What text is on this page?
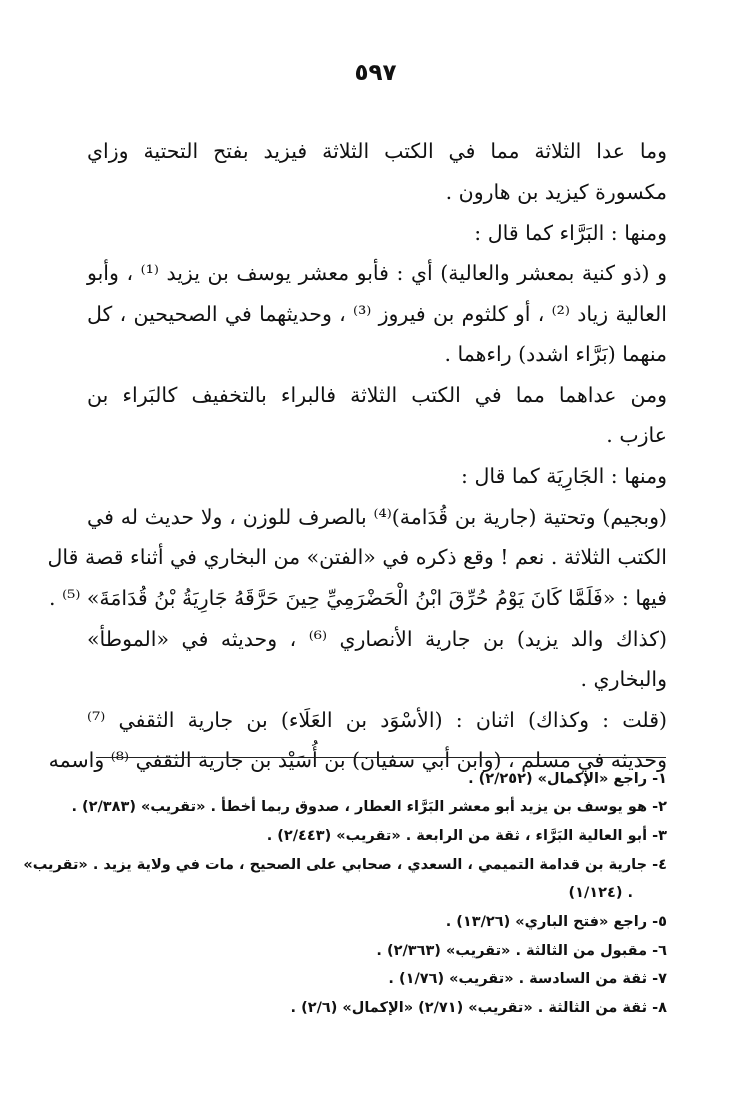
٥٩٧
وما عدا الثلاثة مما في الكتب الثلاثة فيزيد بفتح التحتية وزاي
مكسورة كيزيد بن هارون .
ومنها : البَرَّاء كما قال :
و (ذو كنية بمعشر والعالية) أي : فأبو معشر يوسف بن يزيد ⁽¹⁾ ، وأبو
العالية زياد ⁽²⁾ ، أو كلثوم بن فيروز ⁽³⁾ ، وحديثهما في الصحيحين ، كل
منهما (بَرَّاء اشدد) راءهما .
ومن عداهما مما في الكتب الثلاثة فالبراء بالتخفيف كالبَراء بن
عازب .
ومنها : الجَارِيَة كما قال :
(وبجيم) وتحتية (جارية بن قُدَامة)⁽⁴⁾ بالصرف للوزن ، ولا حديث له في
الكتب الثلاثة . نعم ! وقع ذكره في «الفتن» من البخاري في أثناء قصة قال
فيها : «فَلَمَّا كَانَ يَوْمُ حُرِّقَ ابْنُ الْحَضْرَمِيِّ حِينَ حَرَّقَهُ جَارِيَةُ بْنُ قُدَامَةَ» ⁽⁵⁾ .
(كذاك والد يزيد) بن جارية الأنصاري ⁽⁶⁾ ، وحديثه في «الموطأ»
والبخاري .
(قلت : وكذاك) اثنان : (الأسْوَد بن العَلَاء) بن جارية الثقفي ⁽⁷⁾
وحديثه في مسلم ، (وابن أبي سفيان) بن أُسَيْد بن جارية الثقفي ⁽⁸⁾ واسمه
١- راجع «الإكمال» (٢/٢٥٢) .
٢- هو يوسف بن يزيد أبو معشر البَرَّاء العطار ، صدوق ربما أخطأ . «تقريب» (٢/٣٨٣) .
٣- أبو العالية البَرَّاء ، ثقة من الرابعة . «تقريب» (٢/٤٤٣) .
٤- جارية بن قدامة التميمي ، السعدي ، صحابي على الصحيح ، مات في ولاية يزيد . «تقريب»
(١/١٢٤) .
٥- راجع «فتح الباري» (١٣/٢٦) .
٦- مقبول من الثالثة . «تقريب» (٢/٣٦٣) .
٧- ثقة من السادسة . «تقريب» (١/٧٦) .
٨- ثقة من الثالثة . «تقريب» (٢/٧١) «الإكمال» (٢/٦) .
